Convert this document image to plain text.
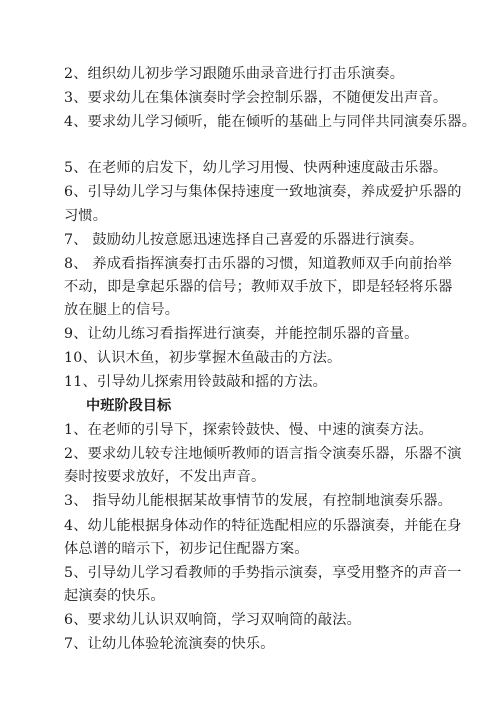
2、组织幼儿初步学习跟随乐曲录音进行打击乐演奏。
3、要求幼儿在集体演奏时学会控制乐器，不随便发出声音。
4、要求幼儿学习倾听，能在倾听的基础上与同伴共同演奏乐器。
5、在老师的启发下，幼儿学习用慢、快两种速度敲击乐器。
6、引导幼儿学习与集体保持速度一致地演奏，养成爱护乐器的
习惯。
7、 鼓励幼儿按意愿迅速选择自己喜爱的乐器进行演奏。
8、 养成看指挥演奏打击乐器的习惯，知道教师双手向前抬举
不动，即是拿起乐器的信号；教师双手放下，即是轻轻将乐器
放在腿上的信号。
9、让幼儿练习看指挥进行演奏，并能控制乐器的音量。
10、认识木鱼，初步掌握木鱼敲击的方法。
11、引导幼儿探索用铃鼓敲和摇的方法。
中班阶段目标
1、在老师的引导下，探索铃鼓快、慢、中速的演奏方法。
2、要求幼儿较专注地倾听教师的语言指令演奏乐器，乐器不演
奏时按要求放好，不发出声音。
3、 指导幼儿能根据某故事情节的发展，有控制地演奏乐器。
4、幼儿能根据身体动作的特征选配相应的乐器演奏，并能在身
体总谱的暗示下，初步记住配器方案。
5、引导幼儿学习看教师的手势指示演奏，享受用整齐的声音一
起演奏的快乐。
6、要求幼儿认识双响筒，学习双响筒的敲法。
7、让幼儿体验轮流演奏的快乐。
